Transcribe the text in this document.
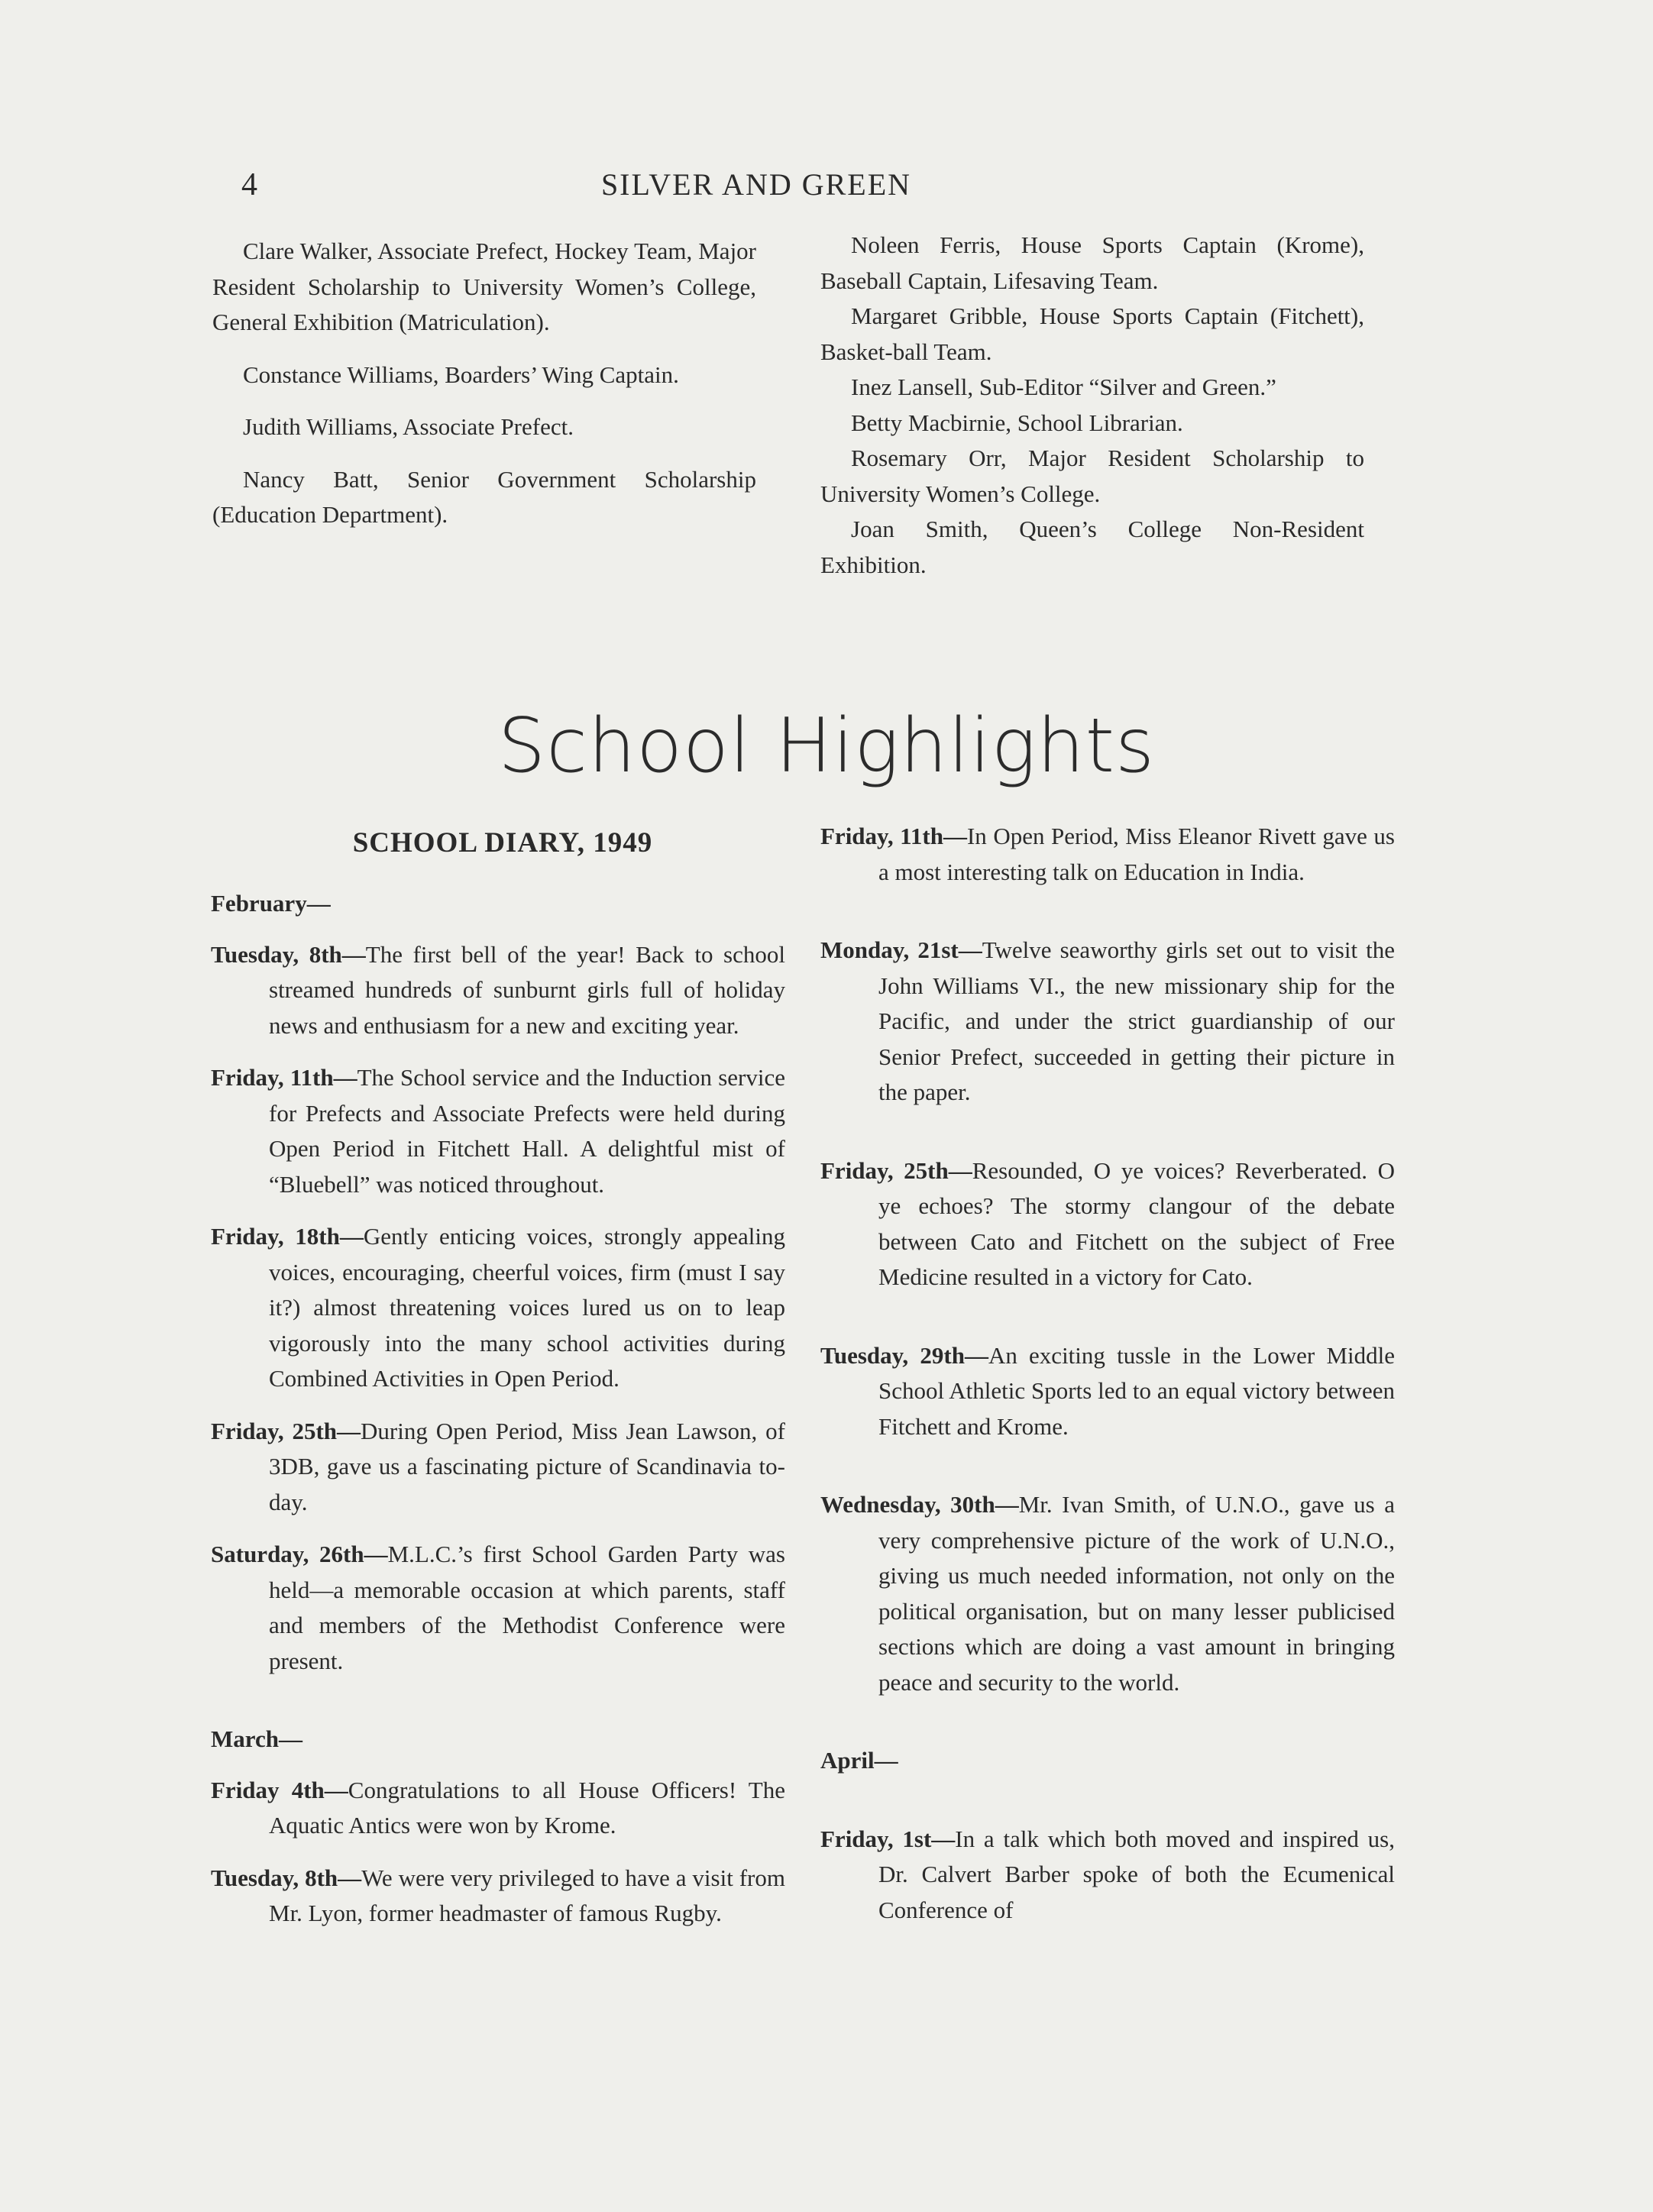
4	SILVER AND GREEN

Clare Walker, Associate Prefect, Hockey Team, Major Resident Scholarship to University Women’s College, General Exhibition (Matriculation).

Constance Williams, Boarders’ Wing Captain.

Judith Williams, Associate Prefect.

Nancy Batt, Senior Government Scholarship (Education Department).

Noleen Ferris, House Sports Captain (Krome), Baseball Captain, Lifesaving Team.

Margaret Gribble, House Sports Captain (Fitchett), Basket-ball Team.

Inez Lansell, Sub-Editor “Silver and Green.”

Betty Macbirnie, School Librarian.

Rosemary Orr, Major Resident Scholarship to University Women’s College.

Joan Smith, Queen’s College Non-Resident Exhibition.

School Highlights
SCHOOL DIARY, 1949

February—

Tuesday, 8th—The first bell of the year! Back to school streamed hundreds of sunburnt girls full of holiday news and enthusiasm for a new and exciting year.

Friday, 11th—The School service and the Induction service for Prefects and Associate Prefects were held during Open Period in Fitchett Hall. A delightful mist of “Bluebell” was noticed throughout.

Friday, 18th—Gently enticing voices, strongly appealing voices, encouraging, cheerful voices, firm (must I say it?) almost threatening voices lured us on to leap vigorously into the many school activities during Combined Activities in Open Period.

Friday, 25th—During Open Period, Miss Jean Lawson, of 3DB, gave us a fascinating picture of Scandinavia to-day.

Saturday, 26th—M.L.C.’s first School Garden Party was held—a memorable occasion at which parents, staff and members of the Methodist Conference were present.

March—

Friday 4th—Congratulations to all House Officers! The Aquatic Antics were won by Krome.

Tuesday, 8th—We were very privileged to have a visit from Mr. Lyon, former headmaster of famous Rugby.

Friday, 11th—In Open Period, Miss Eleanor Rivett gave us a most interesting talk on Education in India.

Monday, 21st—Twelve seaworthy girls set out to visit the John Williams VI., the new missionary ship for the Pacific, and under the strict guardianship of our Senior Prefect, succeeded in getting their picture in the paper.

Friday, 25th—Resounded, O ye voices? Reverberated. O ye echoes? The stormy clangour of the debate between Cato and Fitchett on the subject of Free Medicine resulted in a victory for Cato.

Tuesday, 29th—An exciting tussle in the Lower Middle School Athletic Sports led to an equal victory between Fitchett and Krome.

Wednesday, 30th—Mr. Ivan Smith, of U.N.O., gave us a very comprehensive picture of the work of U.N.O., giving us much needed information, not only on the political organisation, but on many lesser publicised sections which are doing a vast amount in bringing peace and security to the world.

April—

Friday, 1st—In a talk which both moved and inspired us, Dr. Calvert Barber spoke of both the Ecumenical Conference of
